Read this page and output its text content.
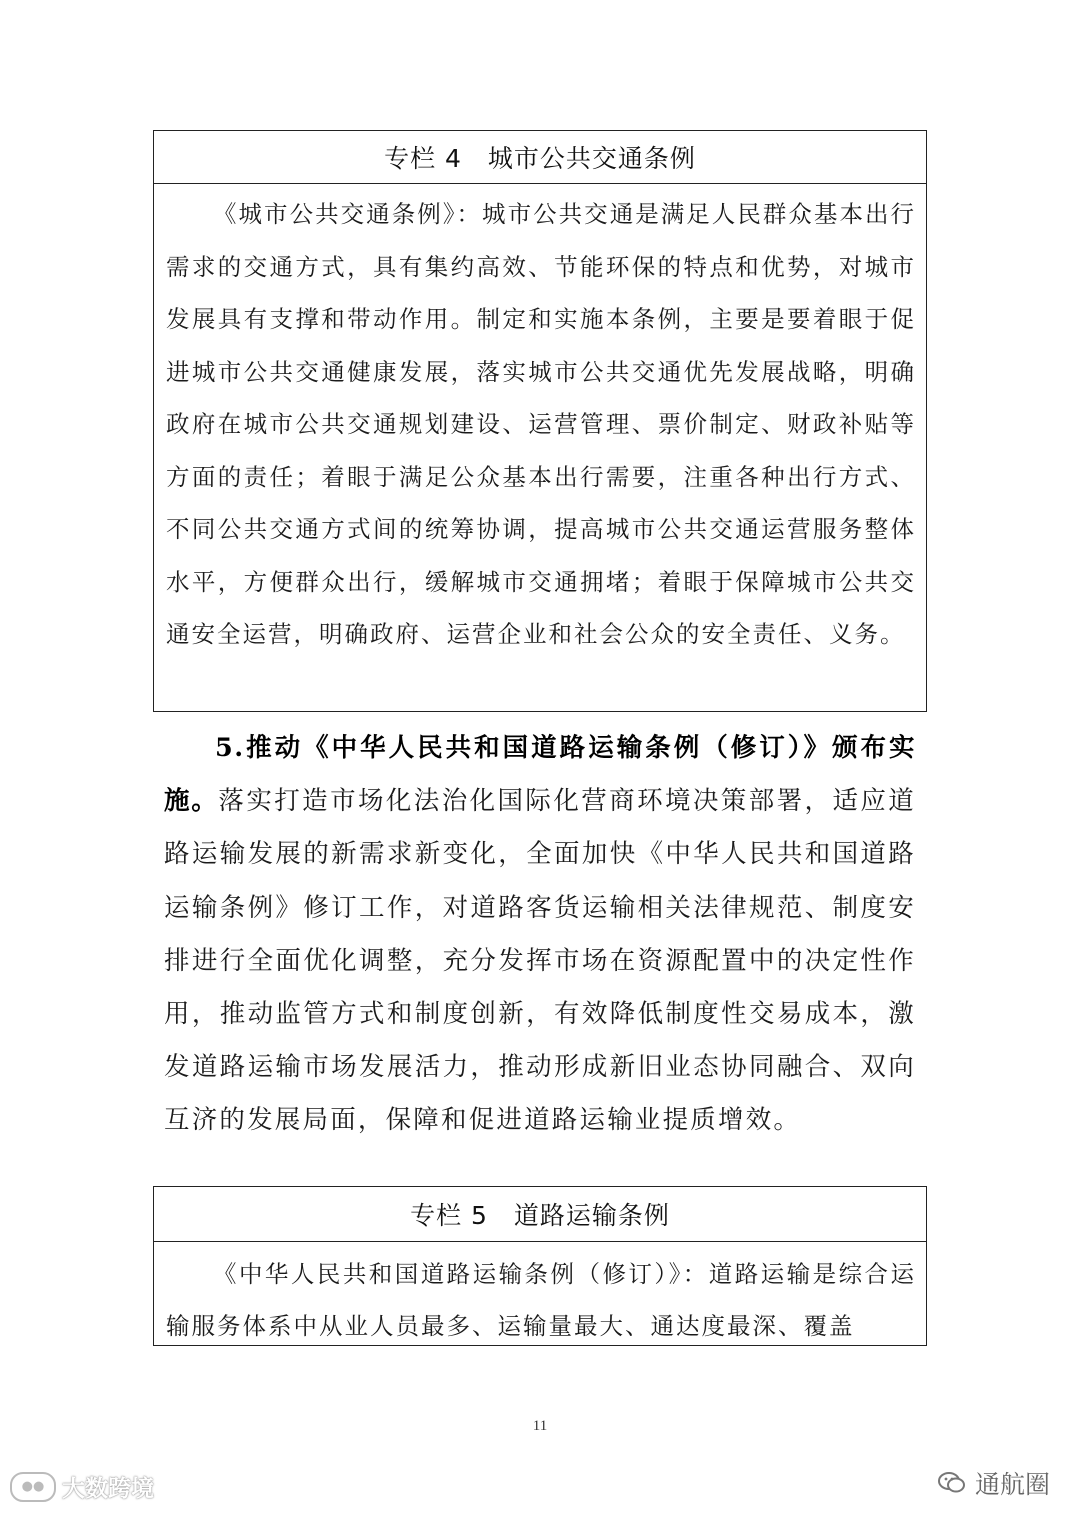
专栏 4 城市公共交通条例
《城市公共交通条例》：城市公共交通是满足人民群众基本出行需求的交通方式，具有集约高效、节能环保的特点和优势，对城市发展具有支撑和带动作用。制定和实施本条例，主要是要着眼于促进城市公共交通健康发展，落实城市公共交通优先发展战略，明确政府在城市公共交通规划建设、运营管理、票价制定、财政补贴等方面的责任；着眼于满足公众基本出行需要，注重各种出行方式、不同公共交通方式间的统筹协调，提高城市公共交通运营服务整体水平，方便群众出行，缓解城市交通拥堵；着眼于保障城市公共交通安全运营，明确政府、运营企业和社会公众的安全责任、义务。
5.推动《中华人民共和国道路运输条例（修订）》颁布实施。落实打造市场化法治化国际化营商环境决策部署，适应道路运输发展的新需求新变化，全面加快《中华人民共和国道路运输条例》修订工作，对道路客货运输相关法律规范、制度安排进行全面优化调整，充分发挥市场在资源配置中的决定性作用，推动监管方式和制度创新，有效降低制度性交易成本，激发道路运输市场发展活力，推动形成新旧业态协同融合、双向互济的发展局面，保障和促进道路运输业提质增效。
专栏 5 道路运输条例
《中华人民共和国道路运输条例（修订）》：道路运输是综合运输服务体系中从业人员最多、运输量最大、通达度最深、覆盖
11
●● 大数跨境	通航圈
